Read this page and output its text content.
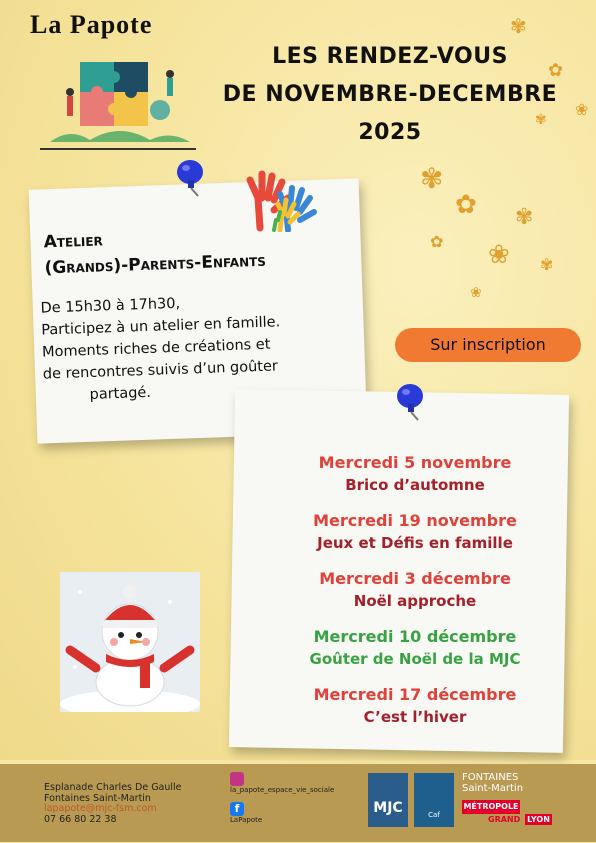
La Papote
LES RENDEZ-VOUS
DE NOVEMBRE-DECEMBRE
2025
✾
✿
❀
✾
✾
✿ ✾
❀
✿
✾
❀
Atelier
(Grands)-Parents-Enfants
De 15h30 à 17h30,
Participez à un atelier en famille.
Moments riches de créations et
de rencontres suivis d’un goûter
partagé.
Sur inscription
Mercredi 5 novembre
Brico d’automne
Mercredi 19 novembre
Jeux et Défis en famille
Mercredi 3 décembre
Noël approche
Mercredi 10 décembre
Goûter de Noël de la MJC
Mercredi 17 décembre
C’est l’hiver
Esplanade Charles De Gaulle
Fontaines Saint-Martin
lapapote@mjc-fsm.com
07 66 80 22 38
la_papote_espace_vie_sociale
f
LaPapote
MJC	Caf
FONTAINES
Saint-Martin
MÉTROPOLE
GRAND LYON
